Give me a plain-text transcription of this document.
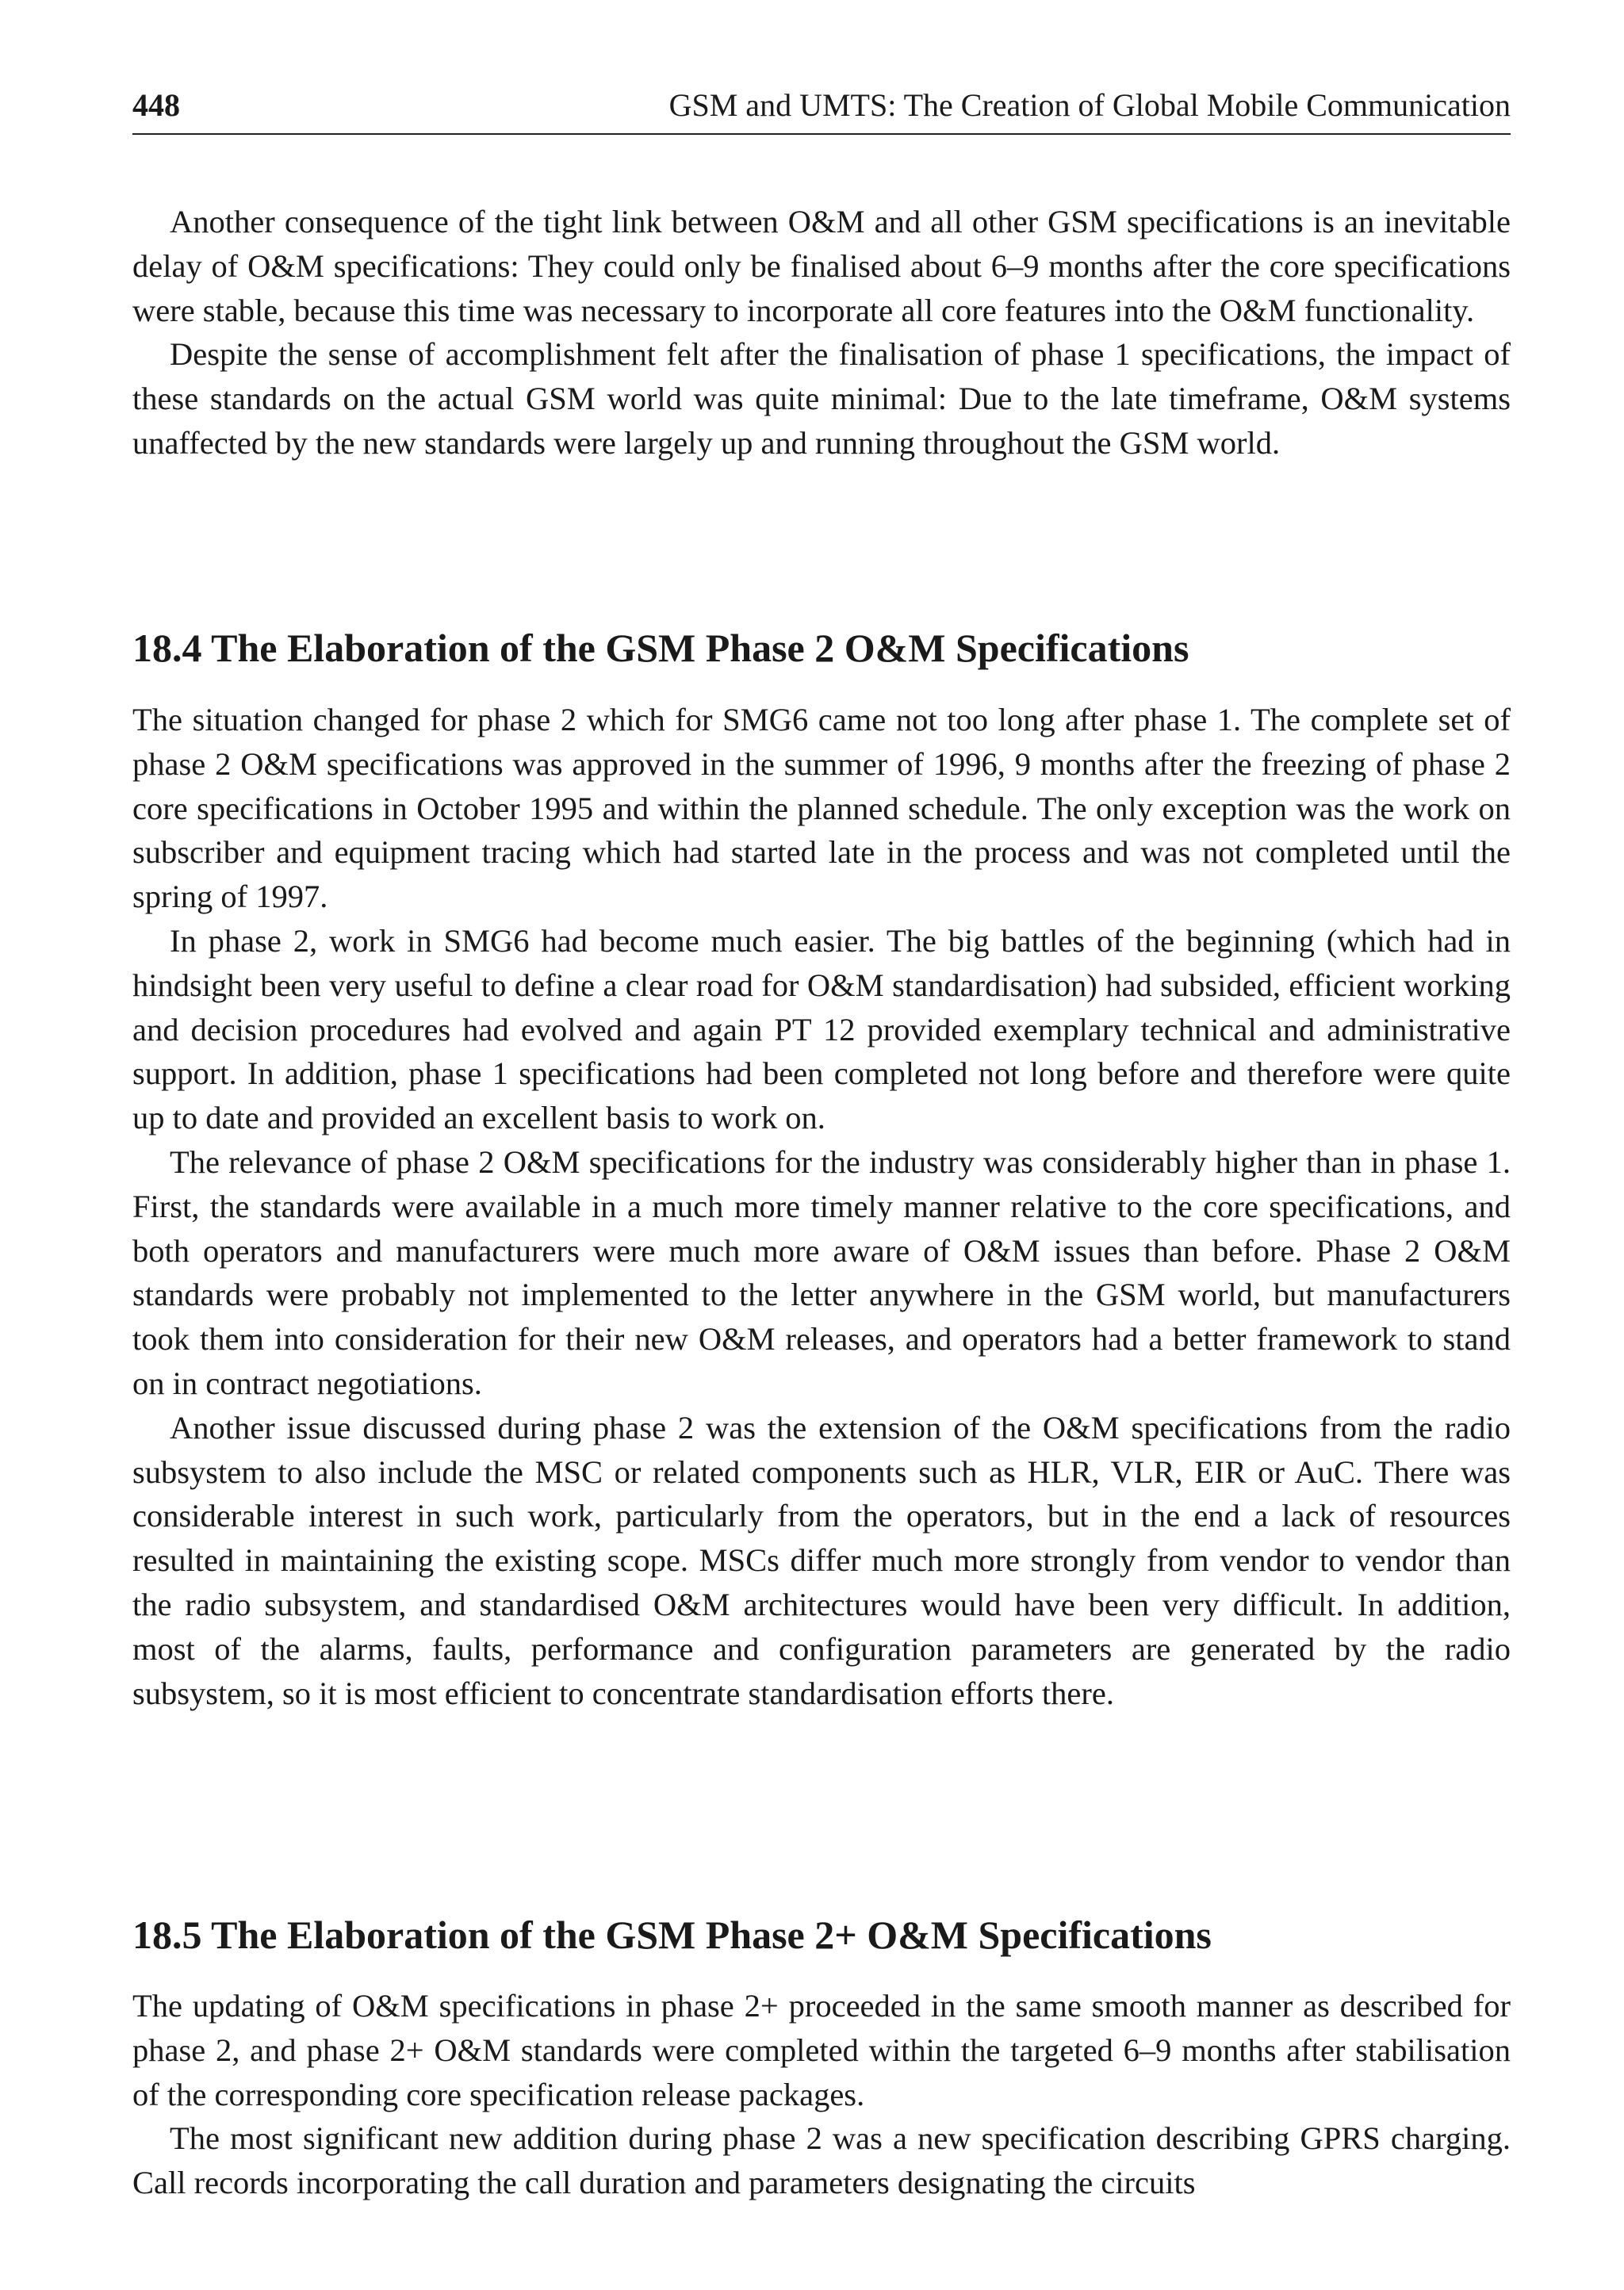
448	GSM and UMTS: The Creation of Global Mobile Communication

Another consequence of the tight link between O&M and all other GSM specifications is an inevitable delay of O&M specifications: They could only be finalised about 6–9 months after the core specifications were stable, because this time was necessary to incorporate all core features into the O&M functionality.

Despite the sense of accomplishment felt after the finalisation of phase 1 specifications, the impact of these standards on the actual GSM world was quite minimal: Due to the late timeframe, O&M systems unaffected by the new standards were largely up and running throughout the GSM world.

18.4 The Elaboration of the GSM Phase 2 O&M Specifications

The situation changed for phase 2 which for SMG6 came not too long after phase 1. The complete set of phase 2 O&M specifications was approved in the summer of 1996, 9 months after the freezing of phase 2 core specifications in October 1995 and within the planned schedule. The only exception was the work on subscriber and equipment tracing which had started late in the process and was not completed until the spring of 1997.

In phase 2, work in SMG6 had become much easier. The big battles of the beginning (which had in hindsight been very useful to define a clear road for O&M standardisation) had subsided, efficient working and decision procedures had evolved and again PT 12 provided exemplary technical and administrative support. In addition, phase 1 specifications had been completed not long before and therefore were quite up to date and provided an excellent basis to work on.

The relevance of phase 2 O&M specifications for the industry was considerably higher than in phase 1. First, the standards were available in a much more timely manner relative to the core specifications, and both operators and manufacturers were much more aware of O&M issues than before. Phase 2 O&M standards were probably not implemented to the letter anywhere in the GSM world, but manufacturers took them into consideration for their new O&M releases, and operators had a better framework to stand on in contract negotiations.

Another issue discussed during phase 2 was the extension of the O&M specifications from the radio subsystem to also include the MSC or related components such as HLR, VLR, EIR or AuC. There was considerable interest in such work, particularly from the operators, but in the end a lack of resources resulted in maintaining the existing scope. MSCs differ much more strongly from vendor to vendor than the radio subsystem, and standardised O&M architectures would have been very difficult. In addition, most of the alarms, faults, performance and configuration parameters are generated by the radio subsystem, so it is most efficient to concentrate standardisation efforts there.

18.5 The Elaboration of the GSM Phase 2+ O&M Specifications

The updating of O&M specifications in phase 2+ proceeded in the same smooth manner as described for phase 2, and phase 2+ O&M standards were completed within the targeted 6–9 months after stabilisation of the corresponding core specification release packages.

The most significant new addition during phase 2 was a new specification describing GPRS charging. Call records incorporating the call duration and parameters designating the circuits
